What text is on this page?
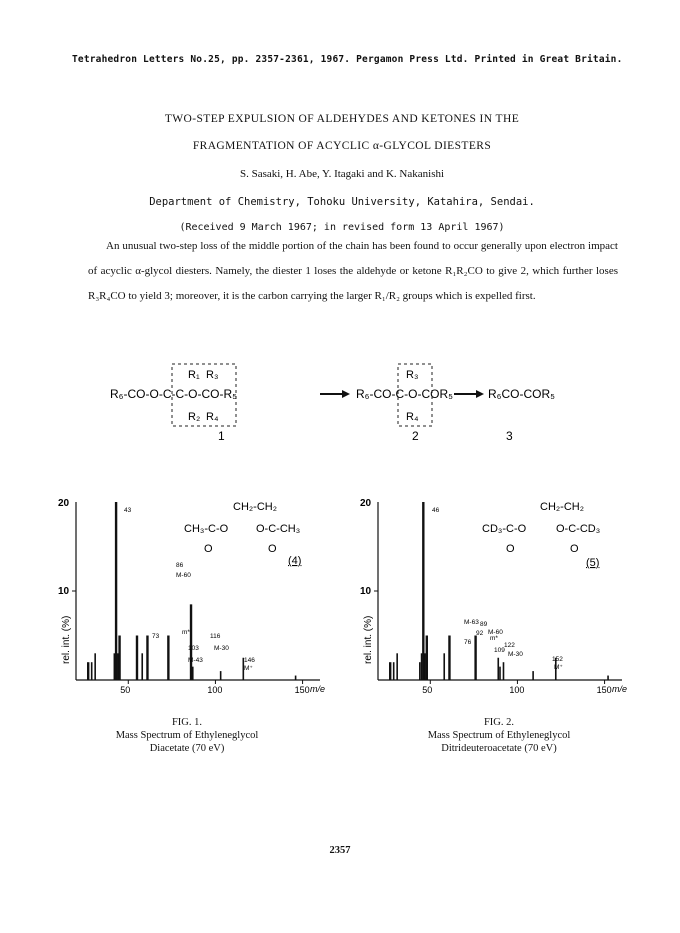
Tetrahedron Letters No.25, pp. 2357-2361, 1967. Pergamon Press Ltd. Printed in Great Britain.
TWO-STEP EXPULSION OF ALDEHYDES AND KETONES IN THE
FRAGMENTATION OF ACYCLIC α-GLYCOL DIESTERS
S. Sasaki, H. Abe, Y. Itagaki and K. Nakanishi
Department of Chemistry, Tohoku University, Katahira, Sendai.
(Received 9 March 1967; in revised form 13 April 1967)

An unusual two-step loss of the middle portion of the chain has been found to occur generally upon electron impact of acyclic α-glycol diesters. Namely, the diester 1 loses the aldehyde or ketone R₁R₂CO to give 2, which further loses R₃R₄CO to yield 3; moreover, it is the carbon carrying the larger R₁/R₂ groups which is expelled first.

R₆-CO-O-C-C-O-CO-R₅
R₁ R₃
R₂ R₄
1
R₆-CO-C-O-COR₅
R₃
R₄
2
R₆CO-COR₅
3
20
10
rel. int. (%)
m/e
50	100	150
43
86
M-60
73
m*
116
103 M-30
M-43	146
M⁺
CH₂-CH₂
CH₃-C-O	O-C-CH₃
O	O
(4)
20
10
rel. int. (%)
m/e
50	100	150
46
M-63 89
92 M-60
76
m*
122
109
M-30
152
M⁺
CH₂-CH₂
CD₃-C-O	O-C-CD₃
O	O
(5)
FIG. 1.
Mass Spectrum of Ethyleneglycol
Diacetate (70 eV)
FIG. 2.
Mass Spectrum of Ethyleneglycol
Ditrideuteroacetate (70 eV)
2357
